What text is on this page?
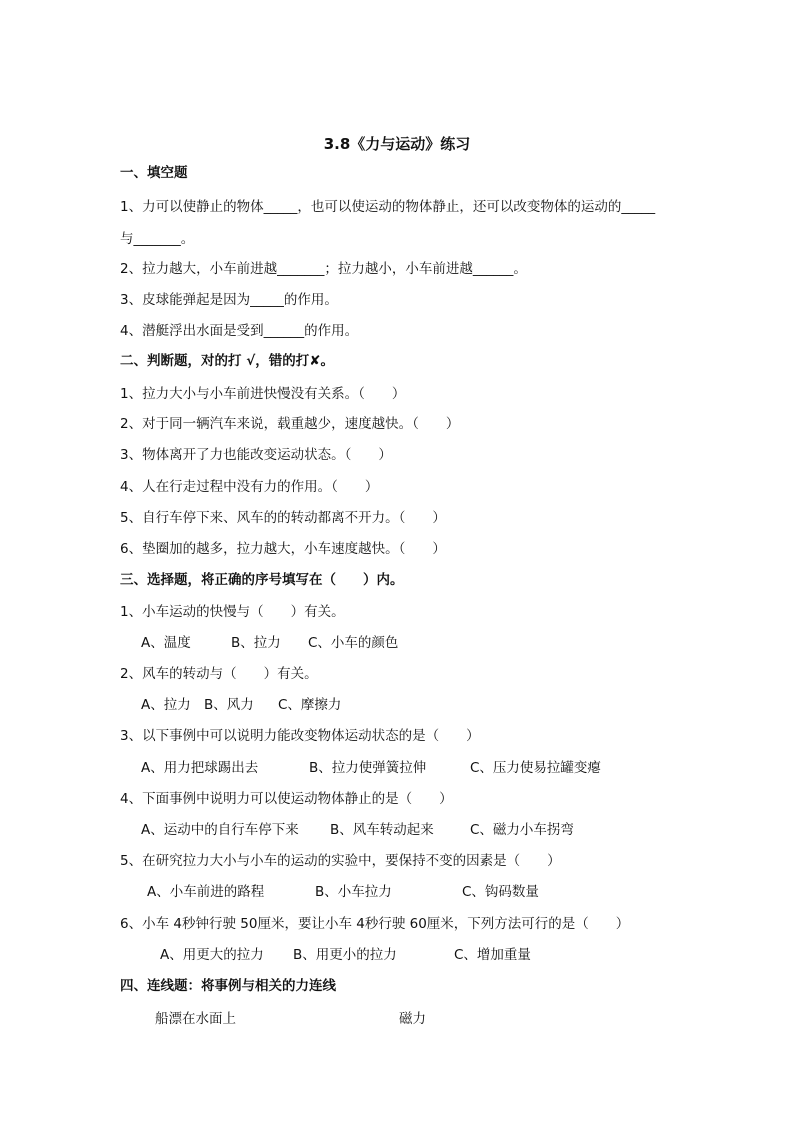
3.8《力与运动》练习
一、填空题
1、力可以使静止的物体_____，也可以使运动的物体静止，还可以改变物体的运动的_____
与_______。
2、拉力越大，小车前进越_______；拉力越小，小车前进越______。
3、皮球能弹起是因为_____的作用。
4、潜艇浮出水面是受到______的作用。
二、判断题，对的打 √，错的打✘。
1、拉力大小与小车前进快慢没有关系。（　　）
2、对于同一辆汽车来说，载重越少，速度越快。（　　）
3、物体离开了力也能改变运动状态。（　　）
4、人在行走过程中没有力的作用。（　　）
5、自行车停下来、风车的的转动都离不开力。（　　）
6、垫圈加的越多，拉力越大，小车速度越快。（　　）
三、选择题，将正确的序号填写在（　　）内。
1、小车运动的快慢与（　　）有关。
A、温度	B、拉力 C、小车的颜色
2、风车的转动与（　　）有关。
A、拉力 B、风力 C、摩擦力
3、以下事例中可以说明力能改变物体运动状态的是（　　）
A、用力把球踢出去	B、拉力使弹簧拉伸	C、压力使易拉罐变瘪
4、下面事例中说明力可以使运动物体静止的是（　　）
A、运动中的自行车停下来 B、风车转动起来	C、磁力小车拐弯
5、在研究拉力大小与小车的运动的实验中，要保持不变的因素是（　　）
A、小车前进的路程	B、小车拉力	C、钩码数量
6、小车 4秒钟行驶 50厘米，要让小车 4秒行驶 60厘米，下列方法可行的是（　　）
A、用更大的拉力 B、用更小的拉力	C、增加重量
四、连线题：将事例与相关的力连线
船漂在水面上	磁力
